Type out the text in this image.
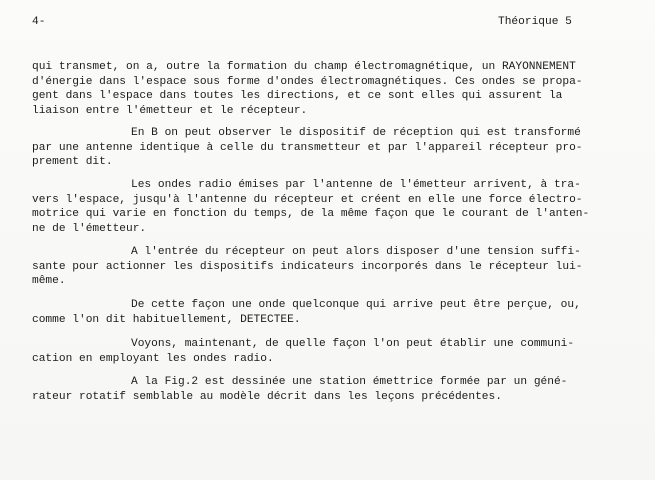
4-	Théorique 5
qui transmet, on a, outre la formation du champ électromagnétique, un RAYONNEMENT
d'énergie dans l'espace sous forme d'ondes électromagnétiques. Ces ondes se propa-
gent dans l'espace dans toutes les directions, et ce sont elles qui assurent la
liaison entre l'émetteur et le récepteur.
En B on peut observer le dispositif de réception qui est transformé
par une antenne identique à celle du transmetteur et par l'appareil récepteur pro-
prement dit.
Les ondes radio émises par l'antenne de l'émetteur arrivent, à tra-
vers l'espace, jusqu'à l'antenne du récepteur et créent en elle une force électro-
motrice qui varie en fonction du temps, de la même façon que le courant de l'anten-
ne de l'émetteur.
A l'entrée du récepteur on peut alors disposer d'une tension suffi-
sante pour actionner les dispositifs indicateurs incorporés dans le récepteur lui-
même.
De cette façon une onde quelconque qui arrive peut être perçue, ou,
comme l'on dit habituellement, DETECTEE.
Voyons, maintenant, de quelle façon l'on peut établir une communi-
cation en employant les ondes radio.
A la Fig.2 est dessinée une station émettrice formée par un géné-
rateur rotatif semblable au modèle décrit dans les leçons précédentes.
